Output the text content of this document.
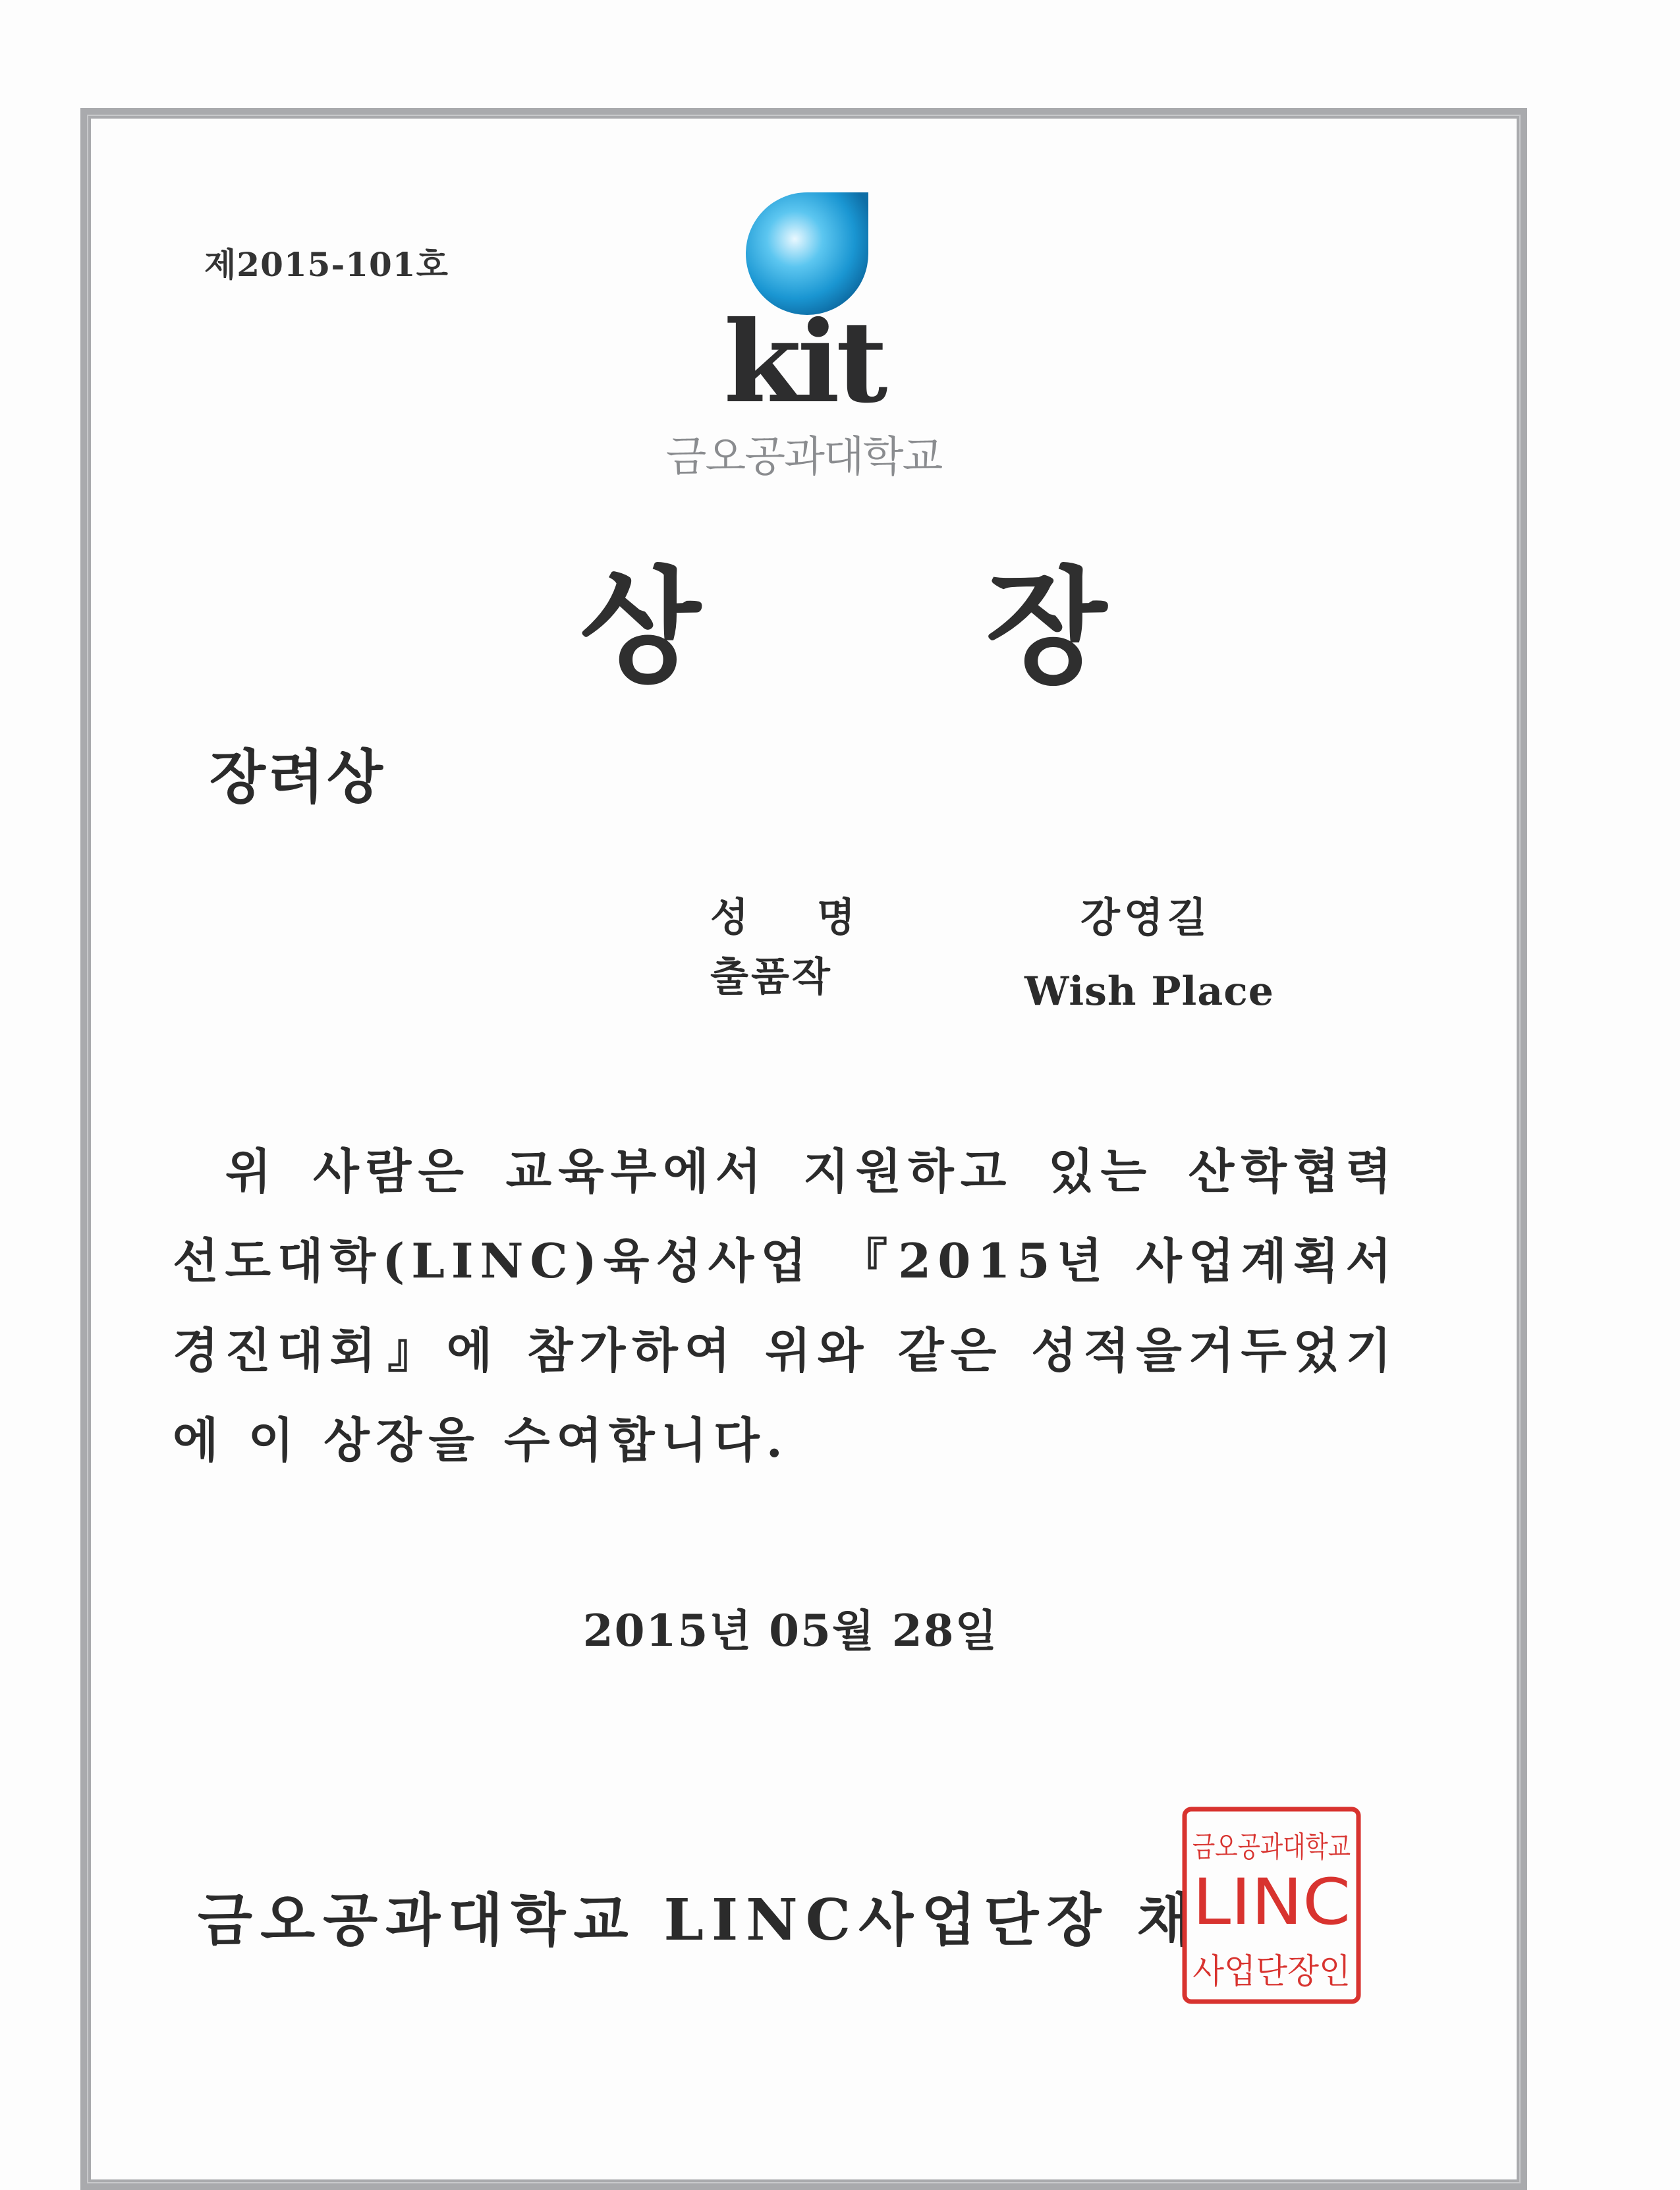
제2015-101호
kit
금오공과대학교
상 장
장려상
성 명	강영길
출품작	Wish Place
위 사람은 교육부에서 지원하고 있는 산학협력 선도대학(LINC)육성사업 『2015년 사업계획서 경진대회』에 참가하여 위와 같은 성적을거두었기에 이 상장을 수여합니다.
2015년 05월 28일
금오공과대학교 LINC사업단장 채
금오공과대학교
LINC
사업단장인
